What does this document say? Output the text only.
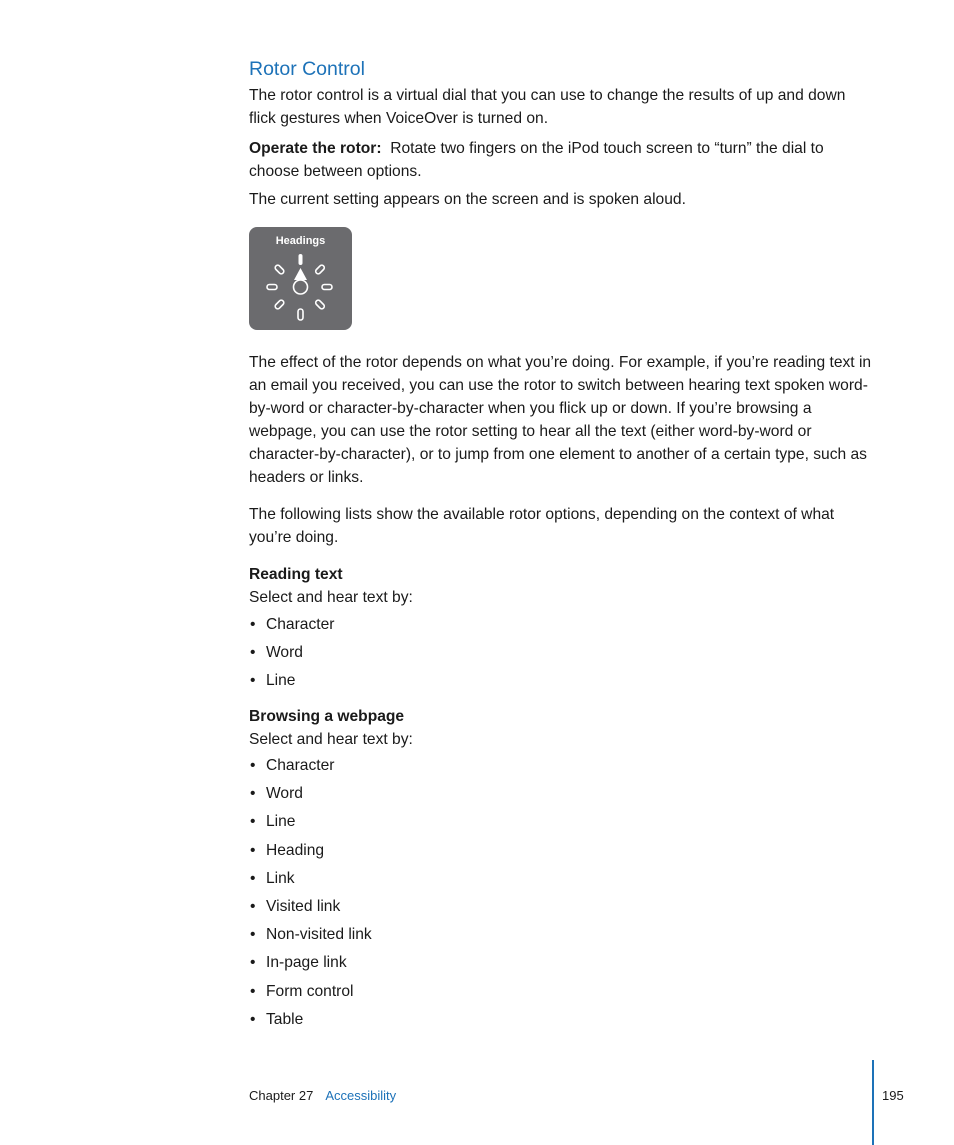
Rotor Control

The rotor control is a virtual dial that you can use to change the results of up and down flick gestures when VoiceOver is turned on.

Operate the rotor: Rotate two fingers on the iPod touch screen to “turn” the dial to choose between options.

The current setting appears on the screen and is spoken aloud.

Headings

The effect of the rotor depends on what you’re doing. For example, if you’re reading text in an email you received, you can use the rotor to switch between hearing text spoken word-by-word or character-by-character when you flick up or down. If you’re browsing a webpage, you can use the rotor setting to hear all the text (either word-by-word or character-by-character), or to jump from one element to another of a certain type, such as headers or links.

The following lists show the available rotor options, depending on the context of what you’re doing.

Reading text

Select and hear text by:

• Character
• Word
• Line
Browsing a webpage

Select and hear text by:

• Character
• Word
• Line
• Heading
• Link
• Visited link
• Non-visited link
• In-page link
• Form control
• Table
Chapter 27 Accessibility	195
